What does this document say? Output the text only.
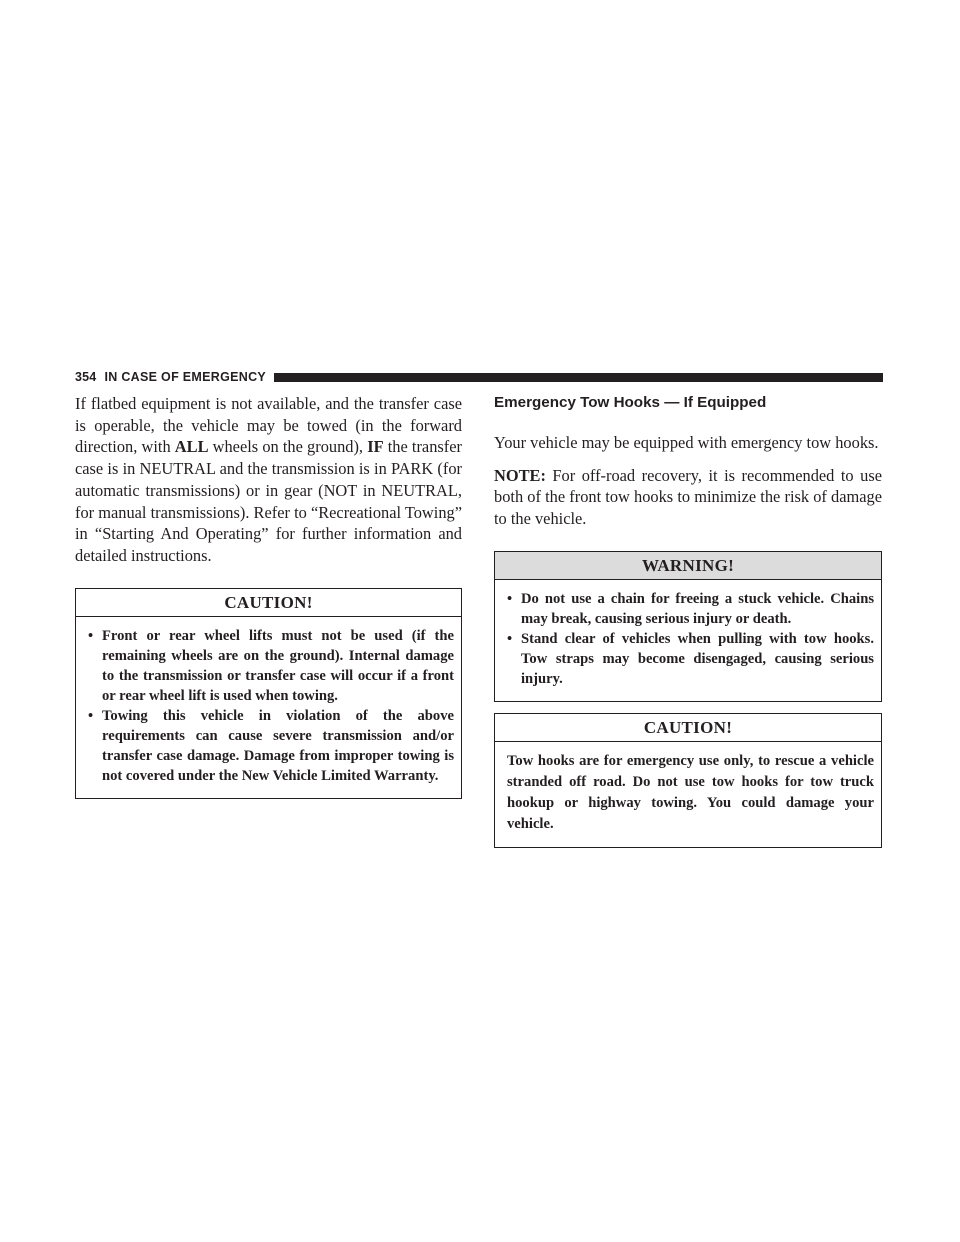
354 IN CASE OF EMERGENCY

If flatbed equipment is not available, and the transfer case is operable, the vehicle may be towed (in the forward direction, with ALL wheels on the ground), IF the transfer case is in NEUTRAL and the transmission is in PARK (for automatic transmissions) or in gear (NOT in NEUTRAL, for manual transmissions). Refer to “Recreational Towing” in “Starting And Operating” for further information and detailed instructions.

CAUTION!
• Front or rear wheel lifts must not be used (if the remaining wheels are on the ground). Internal damage to the transmission or transfer case will occur if a front or rear wheel lift is used when towing.
• Towing this vehicle in violation of the above requirements can cause severe transmission and/or transfer case damage. Damage from improper towing is not covered under the New Vehicle Limited Warranty.
Emergency Tow Hooks — If Equipped

Your vehicle may be equipped with emergency tow hooks.

NOTE: For off-road recovery, it is recommended to use both of the front tow hooks to minimize the risk of damage to the vehicle.

WARNING!
• Do not use a chain for freeing a stuck vehicle. Chains may break, causing serious injury or death.
• Stand clear of vehicles when pulling with tow hooks. Tow straps may become disengaged, causing serious injury.
CAUTION!

Tow hooks are for emergency use only, to rescue a vehicle stranded off road. Do not use tow hooks for tow truck hookup or highway towing. You could damage your vehicle.
